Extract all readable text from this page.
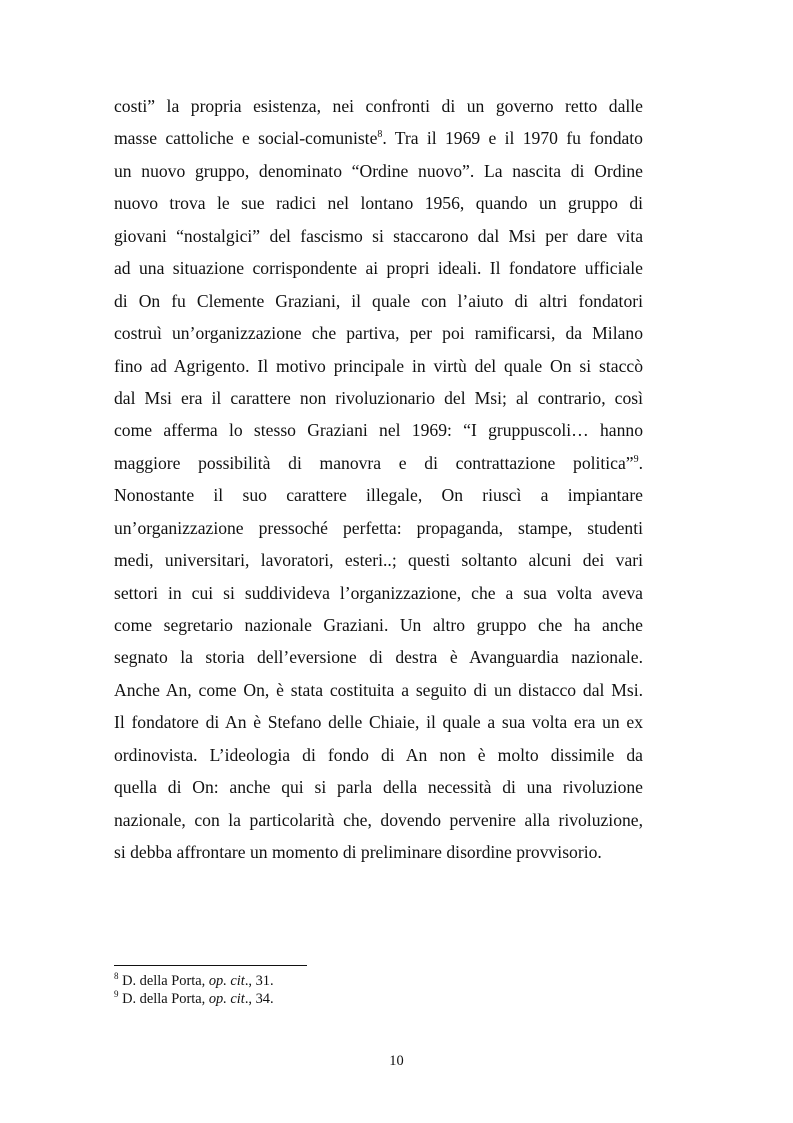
costi” la propria esistenza, nei confronti di un governo retto dalle
masse cattoliche e social-comuniste$^8$. Tra il 1969 e il 1970 fu fondato
un nuovo gruppo, denominato “Ordine nuovo”. La nascita di Ordine
nuovo trova le sue radici nel lontano 1956, quando un gruppo di
giovani “nostalgici” del fascismo si staccarono dal Msi per dare vita
ad una situazione corrispondente ai propri ideali. Il fondatore ufficiale
di On fu Clemente Graziani, il quale con l’aiuto di altri fondatori
costruì un’organizzazione che partiva, per poi ramificarsi, da Milano
fino ad Agrigento. Il motivo principale in virtù del quale On si staccò
dal Msi era il carattere non rivoluzionario del Msi; al contrario, così
come afferma lo stesso Graziani nel 1969: “I gruppuscoli… hanno
maggiore possibilità di manovra e di contrattazione politica”$^9$.
Nonostante il suo carattere illegale, On riuscì a impiantare
un’organizzazione pressoché perfetta: propaganda, stampe, studenti
medi, universitari, lavoratori, esteri..; questi soltanto alcuni dei vari
settori in cui si suddivideva l’organizzazione, che a sua volta aveva
come segretario nazionale Graziani. Un altro gruppo che ha anche
segnato la storia dell’eversione di destra è Avanguardia nazionale.
Anche An, come On, è stata costituita a seguito di un distacco dal Msi.
Il fondatore di An è Stefano delle Chiaie, il quale a sua volta era un ex
ordinovista. L’ideologia di fondo di An non è molto dissimile da
quella di On: anche qui si parla della necessità di una rivoluzione
nazionale, con la particolarità che, dovendo pervenire alla rivoluzione,
si debba affrontare un momento di preliminare disordine provvisorio.
$^8$ D. della Porta, op. cit., 31.
$^9$ D. della Porta, op. cit., 34.
10
